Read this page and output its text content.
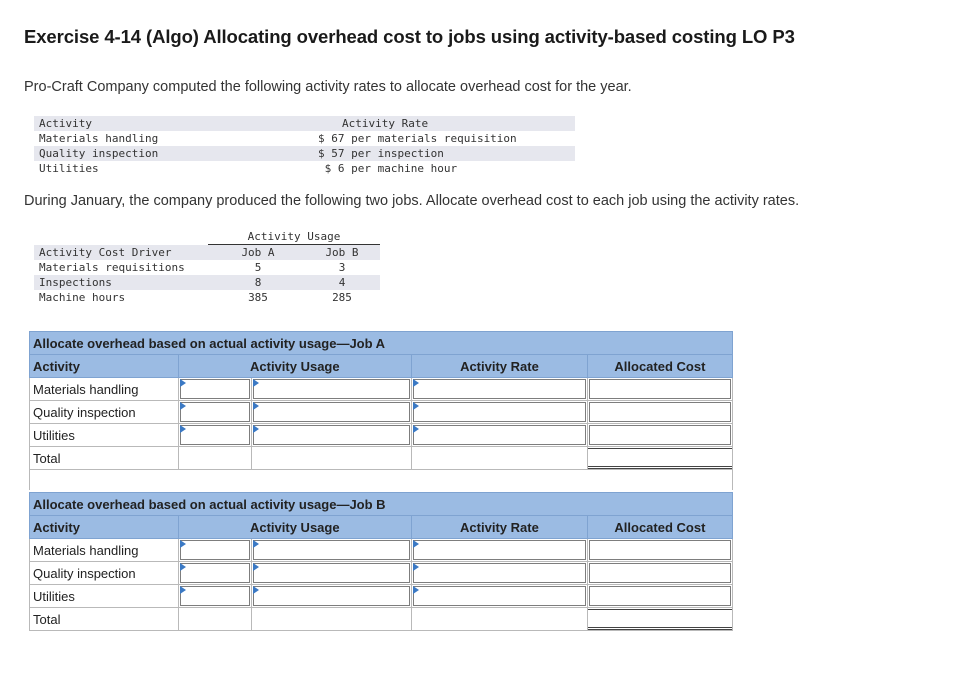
Exercise 4-14 (Algo) Allocating overhead cost to jobs using activity-based costing LO P3
Pro-Craft Company computed the following activity rates to allocate overhead cost for the year.
Activity	Activity Rate
Materials handling	$ 67 per materials requisition
Quality inspection	$ 57 per inspection
Utilities	$ 6 per machine hour
During January, the company produced the following two jobs. Allocate overhead cost to each job using the activity rates.
Activity Usage
Activity Cost Driver	Job A	Job B
Materials requisitions	5	3
Inspections	8	4
Machine hours	385	285
Allocate overhead based on actual activity usage—Job A				
Activity	Activity Usage		Activity Rate	Allocated Cost
Materials handling	

Quality inspection	

Utilities	

Total				

Allocate overhead based on actual activity usage—Job B				
Activity	Activity Usage		Activity Rate	Allocated Cost
Materials handling	

Quality inspection	

Utilities	

Total				
